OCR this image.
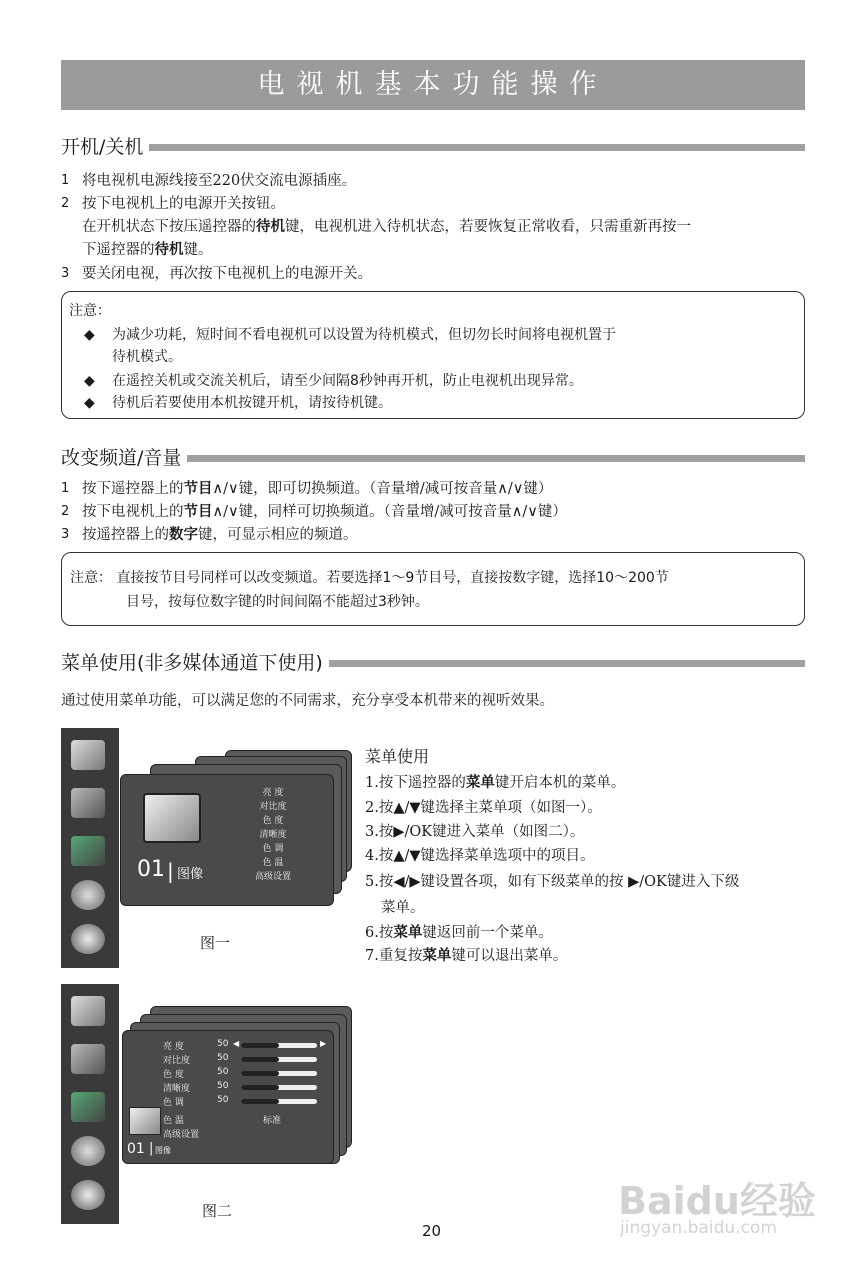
电视机基本功能操作
开机/关机
1 将电视机电源线接至220伏交流电源插座。
2 按下电视机上的电源开关按钮。
在开机状态下按压遥控器的待机键，电视机进入待机状态，若要恢复正常收看，只需重新再按一
下遥控器的待机键。
3 要关闭电视，再次按下电视机上的电源开关。
注意：
◆ 为减少功耗，短时间不看电视机可以设置为待机模式，但切勿长时间将电视机置于
待机模式。
◆ 在遥控关机或交流关机后，请至少间隔8秒钟再开机，防止电视机出现异常。
◆ 待机后若要使用本机按键开机，请按待机键。
改变频道/音量
1 按下遥控器上的节目∧/∨键，即可切换频道。（音量增/减可按音量∧/∨键）
2 按下电视机上的节目∧/∨键，同样可切换频道。（音量增/减可按音量∧/∨键）
3 按遥控器上的数字键，可显示相应的频道。
注意： 直接按节目号同样可以改变频道。若要选择1～9节目号，直接按数字键，选择10～200节
目号，按每位数字键的时间间隔不能超过3秒钟。
菜单使用(非多媒体通道下使用)
通过使用菜单功能，可以满足您的不同需求，充分享受本机带来的视听效果。
01 | 图像
亮 度
对比度
色 度
清晰度
色 调
色 温
高级设置
图一
菜单使用
1.按下遥控器的菜单键开启本机的菜单。
2.按▲/▼键选择主菜单项（如图一）。
3.按▶/OK键进入菜单（如图二）。
4.按▲/▼键选择菜单选项中的项目。
5.按◀/▶键设置各项，如有下级菜单的按 ▶/OK键进入下级
菜单。
6.按菜单键返回前一个菜单。
7.重复按菜单键可以退出菜单。
亮 度	50 ◀	▶
对比度	50
色 度	50
清晰度	50
色 调	50
色 温	标准
高级设置
01 | 图像
图二
20
Baidu经验
jingyan.baidu.com
